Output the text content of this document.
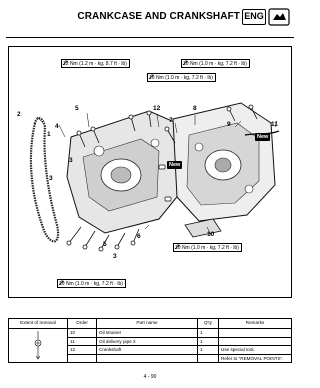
CRANKCASE AND CRANKSHAFT ENG
12 Nm (1.2 m · kg, 8.7 ft · lb)	10 Nm (1.0 m · kg, 7.2 ft · lb)
10 Nm (1.0 m · kg, 7.2 ft · lb)
10 Nm (1.0 m · kg, 7.2 ft · lb)
10 Nm (1.0 m · kg, 7.2 ft · lb)
New
New
1
2
3
3
3
4
5
5
6
7
8
9
10
11
12
Extent of removal	Order	Part name	Q'ty	Remarks
	10	Oil strainer	1	
	11	Oil delivery pipe 2	1	
	12	Crankshaft	1	Use special tool.
				Refer to "REMOVAL POINTS".
4 - 90
